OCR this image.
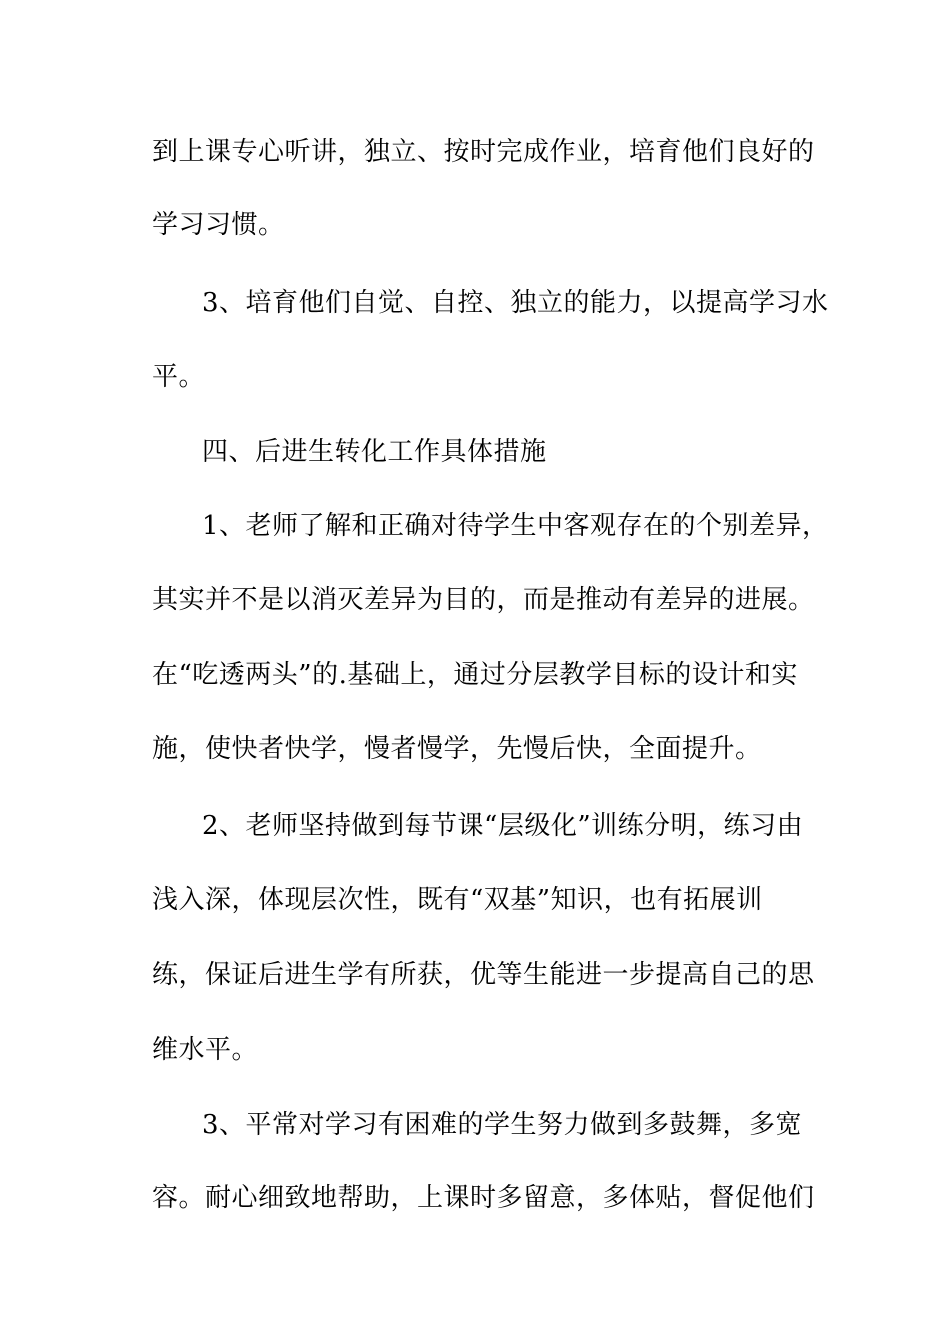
到上课专心听讲，独立、按时完成作业，培育他们良好的
学习习惯。
3、培育他们自觉、自控、独立的能力，以提高学习水
平。
四、后进生转化工作具体措施
1、老师了解和正确对待学生中客观存在的个别差异，
其实并不是以消灭差异为目的，而是推动有差异的进展。
在“吃透两头”的.基础上，通过分层教学目标的设计和实
施，使快者快学，慢者慢学，先慢后快，全面提升。
2、老师坚持做到每节课“层级化”训练分明，练习由
浅入深，体现层次性，既有“双基”知识，也有拓展训
练，保证后进生学有所获，优等生能进一步提高自己的思
维水平。
3、平常对学习有困难的学生努力做到多鼓舞，多宽
容。耐心细致地帮助，上课时多留意，多体贴，督促他们
